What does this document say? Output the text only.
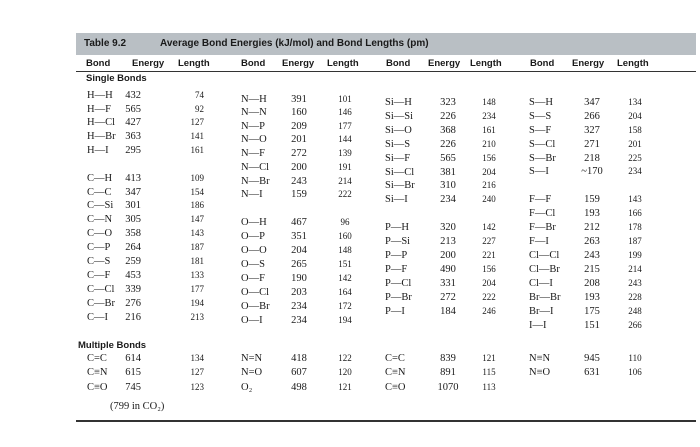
Table 9.2	Average Bond Energies (kJ/mol) and Bond Lengths (pm)
Bond Energy Length	Bond Energy Length	Bond Energy Length	Bond Energy Length
Single Bonds
Multiple Bonds
H—H	432	74
H—F	565	92
H—Cl 427	127
H—Br 363	141
H—I	295	161
C—H	413	109
C—C	347	154
C—Si	301	186
C—N	305	147
C—O	358	143
C—P	264	187
C—S	259	181
C—F	453	133
C—Cl	339	177
C—Br 276	194
C—I	216	213
N—H 391	101
N—N 160	146
N—P 209	177
N—O 201	144
N—F 272	139
N—Cl 200	191
N—Br 243	214
N—I	159	222
O—H 467	96
O—P 351	160
O—O 204	148
O—S 265	151
O—F 190	142
O—Cl 203	164
O—Br 234	172
O—I	234	194
Si—H	323	148
Si—Si	226	234
Si—O	368	161
Si—S	226	210
Si—F	565	156
Si—Cl 381	204
Si—Br 310	216
Si—I	234	240
P—H	320	142
P—Si	213	227
P—P	200	221
P—F	490	156
P—Cl	331	204
P—Br	272	222
P—I	184	246
S—H	347	134
S—S	266	204
S—F	327	158
S—Cl	271	201
S—Br	218	225
S—I	~170	234
F—F	159	143
F—Cl	193	166
F—Br	212	178
F—I	263	187
Cl—Cl 243	199
Cl—Br 215	214
Cl—I	208	243
Br—Br 193	228
Br—I	175	248
I—I	151	266
C=C	614	134
C≡N	615	127
C≡O	745	123
N=N	418	122
N=O	607	120
O₂	498	121
C=C	839	121
C≡N	891	115
C≡O	1070	113
N≡N	945	110
N≡O	631	106
(799 in CO₂)
